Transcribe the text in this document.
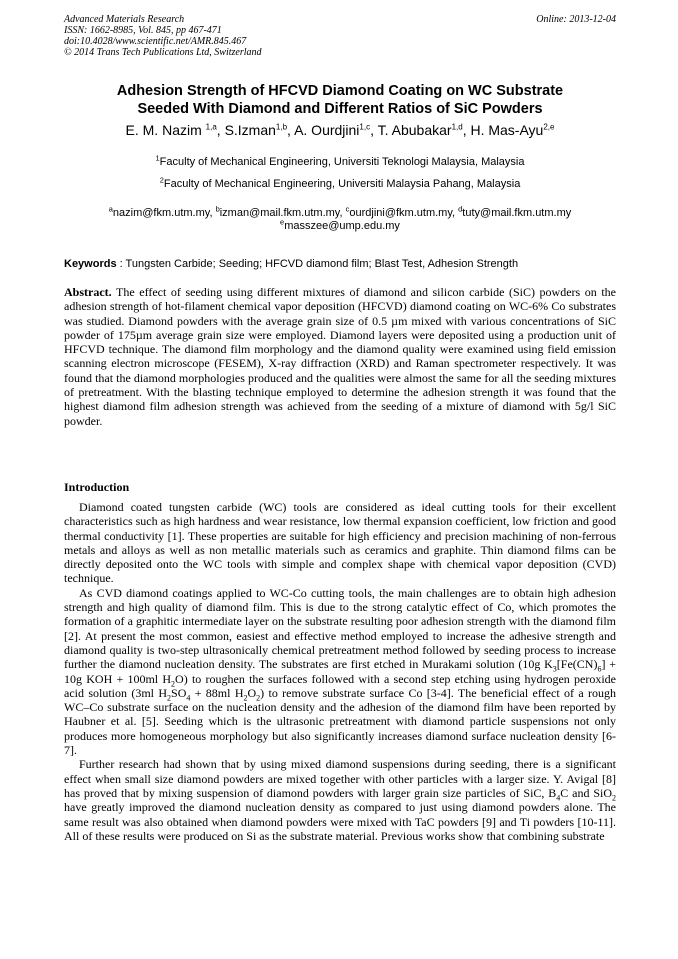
Advanced Materials Research
ISSN: 1662-8985, Vol. 845, pp 467-471
doi:10.4028/www.scientific.net/AMR.845.467
© 2014 Trans Tech Publications Ltd, Switzerland
Online: 2013-12-04
Adhesion Strength of HFCVD Diamond Coating on WC Substrate
Seeded With Diamond and Different Ratios of SiC Powders
E. M. Nazim $^{1,a}$, S.Izman$^{1,b}$, A. Ourdjini$^{1,c}$, T. Abubakar$^{1,d}$, H. Mas-Ayu$^{2,e}$
$^1$Faculty of Mechanical Engineering, Universiti Teknologi Malaysia, Malaysia
$^2$Faculty of Mechanical Engineering, Universiti Malaysia Pahang, Malaysia
$^a$nazim@fkm.utm.my, $^b$izman@mail.fkm.utm.my, $^c$ourdjini@fkm.utm.my, $^d$tuty@mail.fkm.utm.my
$^e$masszee@ump.edu.my
Keywords : Tungsten Carbide; Seeding; HFCVD diamond film; Blast Test, Adhesion Strength
Abstract. The effect of seeding using different mixtures of diamond and silicon carbide (SiC) powders on the adhesion strength of hot-filament chemical vapor deposition (HFCVD) diamond coating on WC-6% Co substrates was studied. Diamond powders with the average grain size of 0.5 µm mixed with various concentrations of SiC powder of 175µm average grain size were employed. Diamond layers were deposited using a production unit of HFCVD technique. The diamond film morphology and the diamond quality were examined using field emission scanning electron microscope (FESEM), X-ray diffraction (XRD) and Raman spectrometer respectively. It was found that the diamond morphologies produced and the qualities were almost the same for all the seeding mixtures of pretreatment. With the blasting technique employed to determine the adhesion strength it was found that the highest diamond film adhesion strength was achieved from the seeding of a mixture of diamond with 5g/l SiC powder.
Introduction

Diamond coated tungsten carbide (WC) tools are considered as ideal cutting tools for their excellent characteristics such as high hardness and wear resistance, low thermal expansion coefficient, low friction and good thermal conductivity [1]. These properties are suitable for high efficiency and precision machining of non-ferrous metals and alloys as well as non metallic materials such as ceramics and graphite. Thin diamond films can be directly deposited onto the WC tools with simple and complex shape with chemical vapor deposition (CVD) technique.

As CVD diamond coatings applied to WC-Co cutting tools, the main challenges are to obtain high adhesion strength and high quality of diamond film. This is due to the strong catalytic effect of Co, which promotes the formation of a graphitic intermediate layer on the substrate resulting poor adhesion strength with the diamond film [2]. At present the most common, easiest and effective method employed to increase the adhesive strength and diamond quality is two-step ultrasonically chemical pretreatment method followed by seeding process to increase further the diamond nucleation density. The substrates are first etched in Murakami solution (10g $K_3[Fe(CN)_6] + 10g$ KOH + 100ml $H_2O$) to roughen the surfaces followed with a second step etching using hydrogen peroxide acid solution (3ml $H_2SO_4 + 88ml$ $H_2O_2$) to remove substrate surface Co [3-4]. The beneficial effect of a rough WC–Co substrate surface on the nucleation density and the adhesion of the diamond film have been reported by Haubner et al. [5]. Seeding which is the ultrasonic pretreatment with diamond particle suspensions not only produces more homogeneous morphology but also significantly increases diamond surface nucleation density [6-7].

Further research had shown that by using mixed diamond suspensions during seeding, there is a significant effect when small size diamond powders are mixed together with other particles with a larger size. Y. Avigal [8] has proved that by mixing suspension of diamond powders with larger grain size particles of SiC, $B_4C$ and SiO$_2$ have greatly improved the diamond nucleation density as compared to just using diamond powders alone. The same result was also obtained when diamond powders were mixed with TaC powders [9] and Ti powders [10-11]. All of these results were produced on Si as the substrate material. Previous works show that combining substrate
